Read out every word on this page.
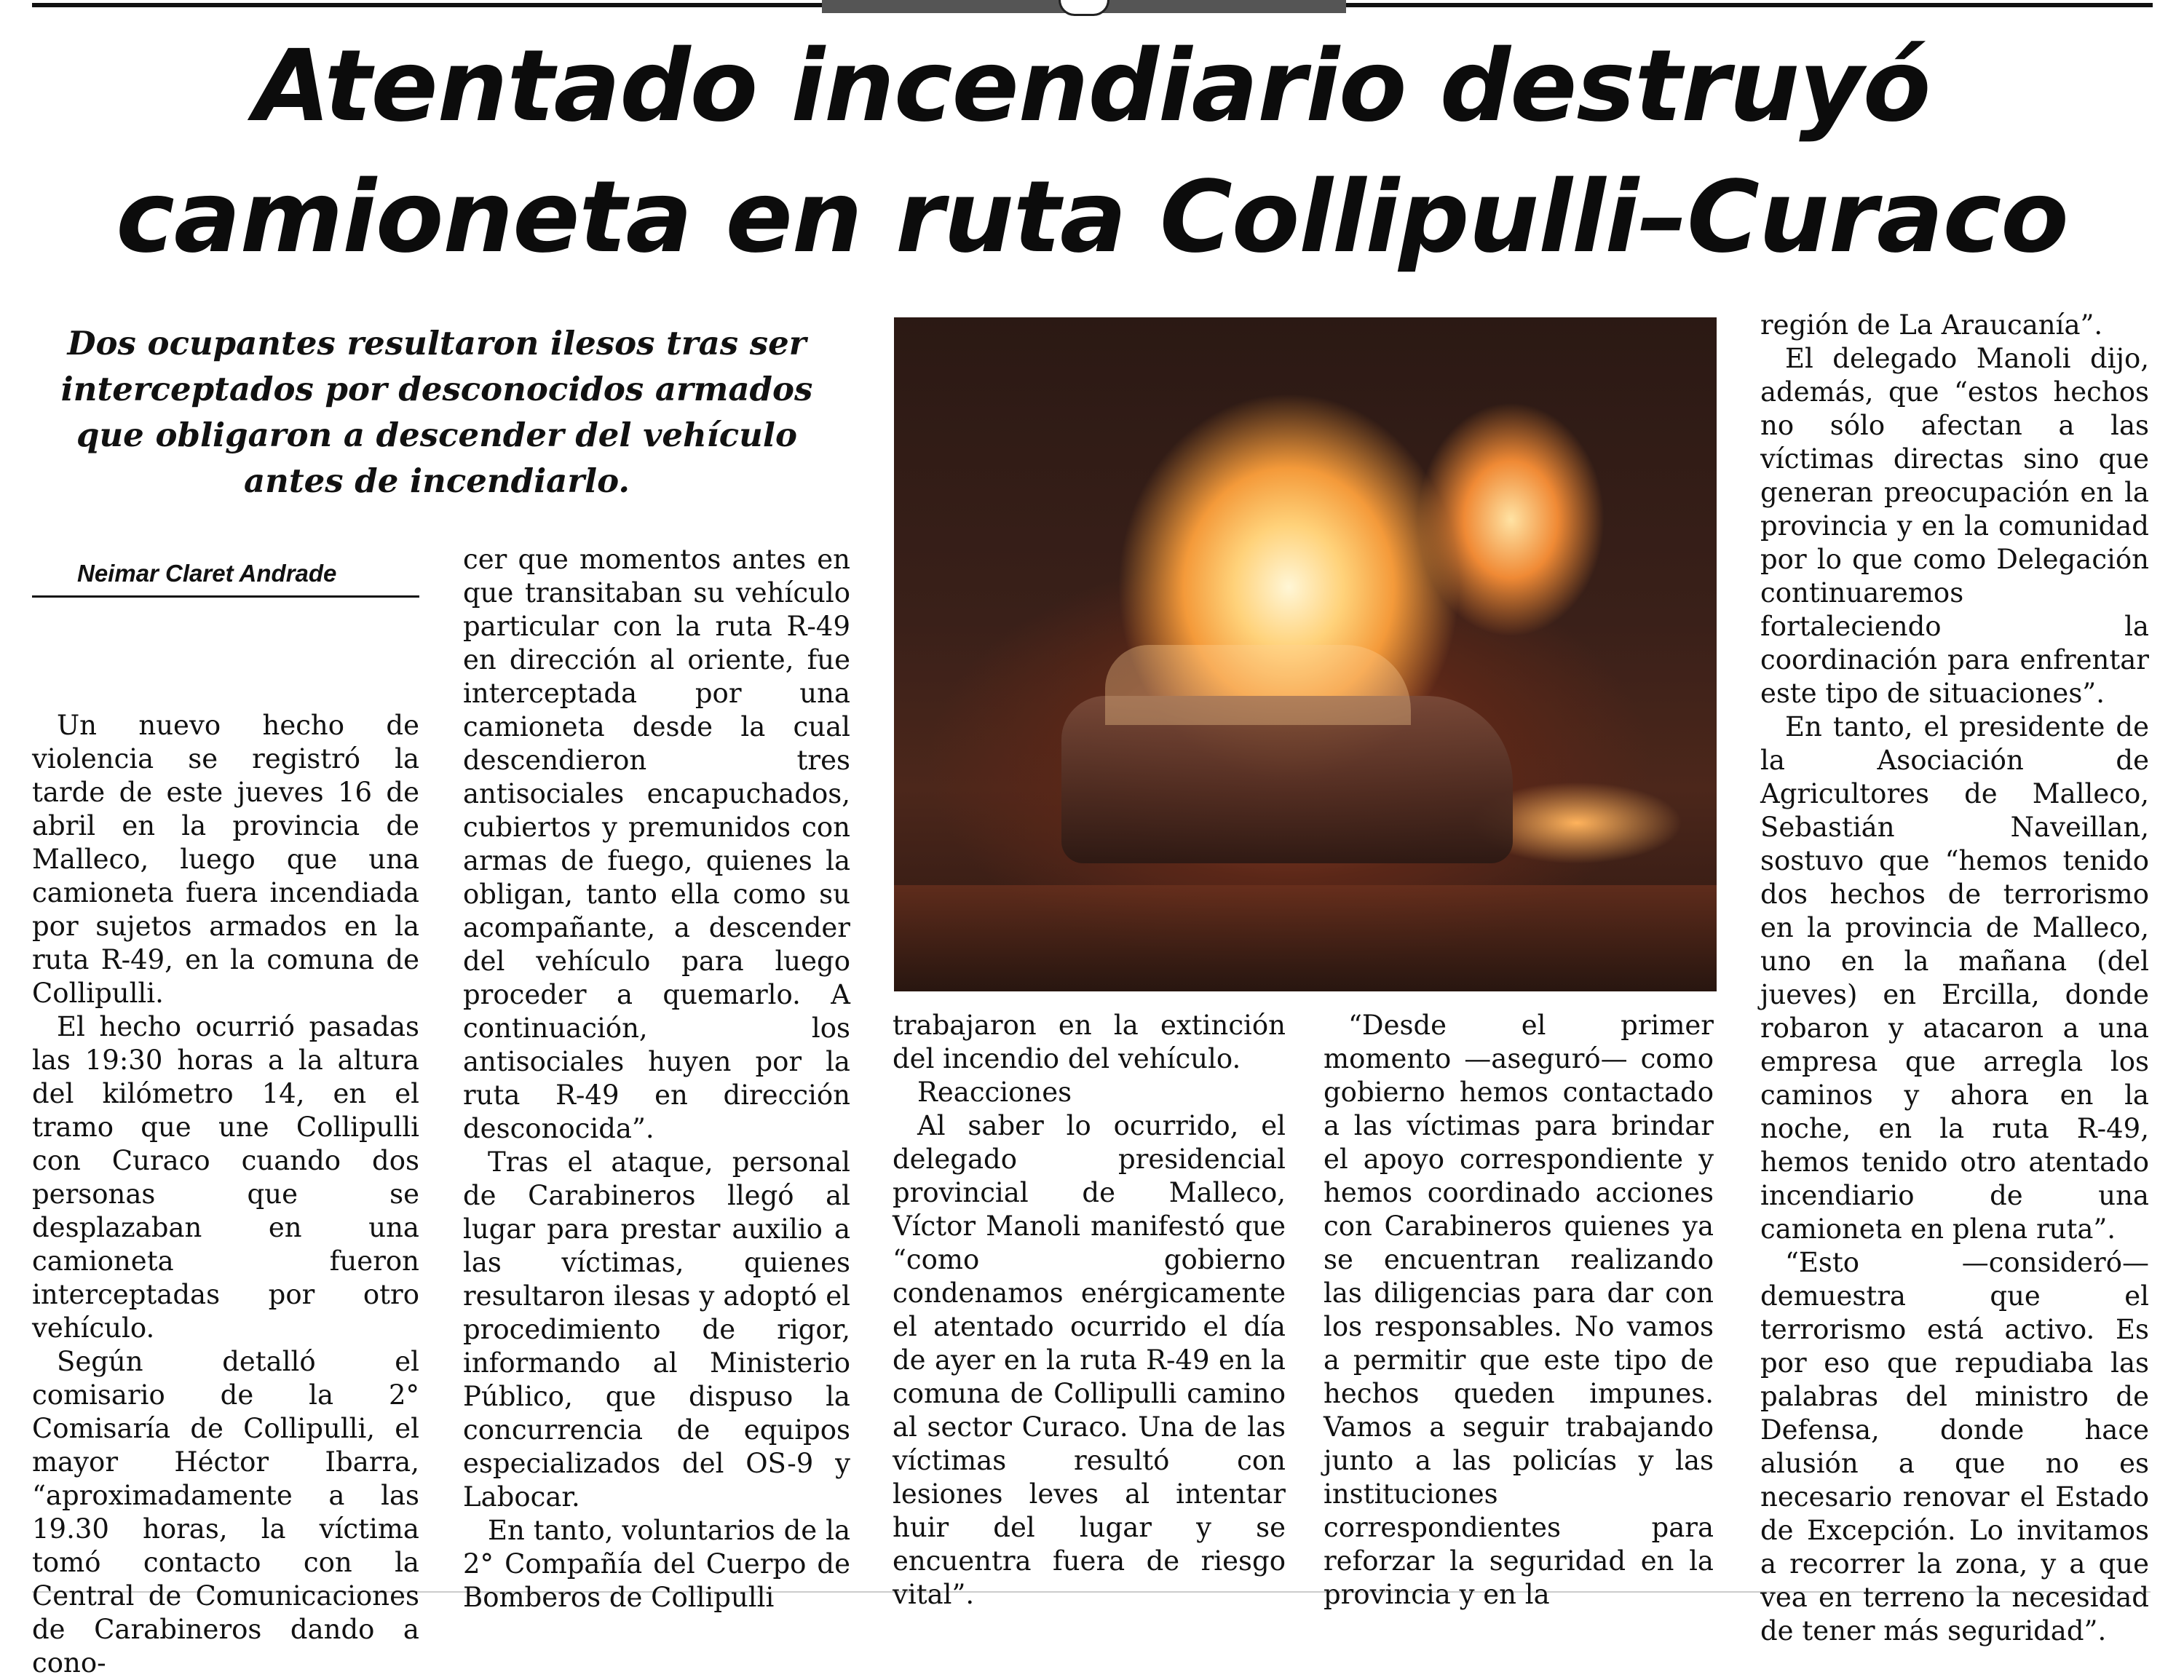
Atentado incendiario destruyó
camioneta en ruta Collipulli–Curaco

Dos ocupantes resultaron ilesos tras ser interceptados por desconocidos armados que obligaron a descender del vehículo antes de incendiarlo.

Neimar Claret Andrade

Un nuevo hecho de violencia se registró la tarde de este jueves 16 de abril en la provincia de Malleco, luego que una camioneta fuera incendiada por sujetos armados en la ruta R-49, en la comuna de Collipulli.

El hecho ocurrió pasadas las 19:30 horas a la altura del kilómetro 14, en el tramo que une Collipulli con Curaco cuando dos personas que se desplazaban en una camioneta fueron interceptadas por otro vehículo.

Según detalló el comisario de la 2° Comisaría de Collipulli, el mayor Héctor Ibarra, “aproximadamente a las 19.30 horas, la víctima tomó contacto con la Central de Comunicaciones de Carabineros dando a cono-

cer que momentos antes en que transitaban su vehículo particular con la ruta R-49 en dirección al oriente, fue interceptada por una camioneta desde la cual descendieron tres antisociales encapuchados, cubiertos y premunidos con armas de fuego, quienes la obligan, tanto ella como su acompañante, a descender del vehículo para luego proceder a quemarlo. A continuación, los antisociales huyen por la ruta R-49 en dirección desconocida”.

Tras el ataque, personal de Carabineros llegó al lugar para prestar auxilio a las víctimas, quienes resultaron ilesas y adoptó el procedimiento de rigor, informando al Ministerio Público, que dispuso la concurrencia de equipos especializados del OS-9 y Labocar.

En tanto, voluntarios de la 2° Compañía del Cuerpo de Bomberos de Collipulli

trabajaron en la extinción del incendio del vehículo.

Reacciones

Al saber lo ocurrido, el delegado presidencial provincial de Malleco, Víctor Manoli manifestó que “como gobierno condenamos enérgicamente el atentado ocurrido el día de ayer en la ruta R-49 en la comuna de Collipulli camino al sector Curaco. Una de las víctimas resultó con lesiones leves al intentar huir del lugar y se encuentra fuera de riesgo vital”.

“Desde el primer momento —aseguró— como gobierno hemos contactado a las víctimas para brindar el apoyo correspondiente y hemos coordinado acciones con Carabineros quienes ya se encuentran realizando las diligencias para dar con los responsables. No vamos a permitir que este tipo de hechos queden impunes. Vamos a seguir trabajando junto a las policías y las instituciones correspondientes para reforzar la seguridad en la provincia y en la

región de La Araucanía”.

El delegado Manoli dijo, además, que “estos hechos no sólo afectan a las víctimas directas sino que generan preocupación en la provincia y en la comunidad por lo que como Delegación continuaremos fortaleciendo la coordinación para enfrentar este tipo de situaciones”.

En tanto, el presidente de la Asociación de Agricultores de Malleco, Sebastián Naveillan, sostuvo que “hemos tenido dos hechos de terrorismo en la provincia de Malleco, uno en la mañana (del jueves) en Ercilla, donde robaron y atacaron a una empresa que arregla los caminos y ahora en la noche, en la ruta R-49, hemos tenido otro atentado incendiario de una camioneta en plena ruta”.

“Esto —consideró— demuestra que el terrorismo está activo. Es por eso que repudiaba las palabras del ministro de Defensa, donde hace alusión a que no es necesario renovar el Estado de Excepción. Lo invitamos a recorrer la zona, y a que vea en terreno la necesidad de tener más seguridad”.
